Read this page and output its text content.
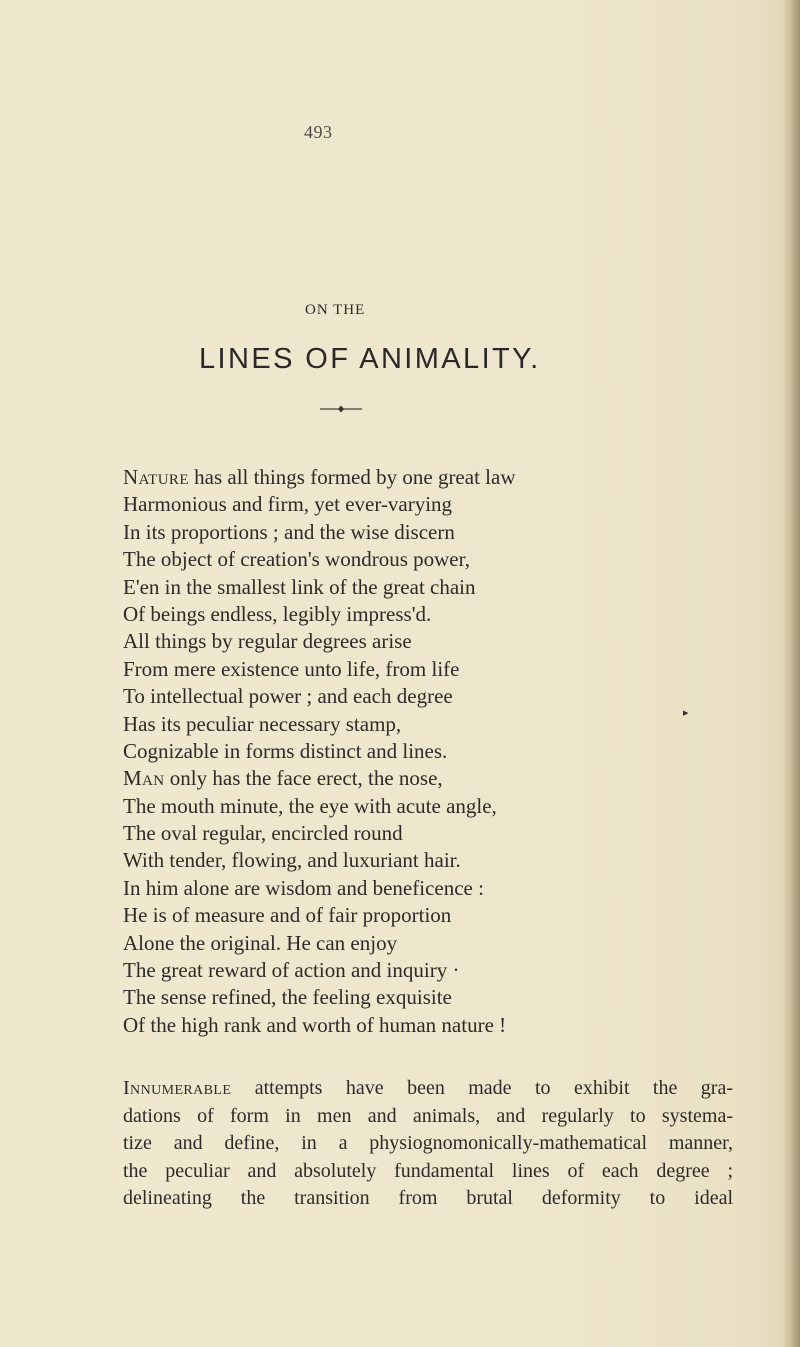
493
ON THE
LINES OF ANIMALITY.
▸
Nature has all things formed by one great law
Harmonious and firm, yet ever-varying
In its proportions ; and the wise discern
The object of creation's wondrous power,
E'en in the smallest link of the great chain
Of beings endless, legibly impress'd.
All things by regular degrees arise
From mere existence unto life, from life
To intellectual power ; and each degree
Has its peculiar necessary stamp,
Cognizable in forms distinct and lines.
Man only has the face erect, the nose,
The mouth minute, the eye with acute angle,
The oval regular, encircled round
With tender, flowing, and luxuriant hair.
In him alone are wisdom and beneficence :
He is of measure and of fair proportion
Alone the original. He can enjoy
The great reward of action and inquiry ·
The sense refined, the feeling exquisite
Of the high rank and worth of human nature !
Innumerable attempts have been made to exhibit the gra-
dations of form in men and animals, and regularly to systema-
tize and define, in a physiognomonically-mathematical manner,
the peculiar and absolutely fundamental lines of each degree ;
delineating the transition from brutal deformity to ideal
